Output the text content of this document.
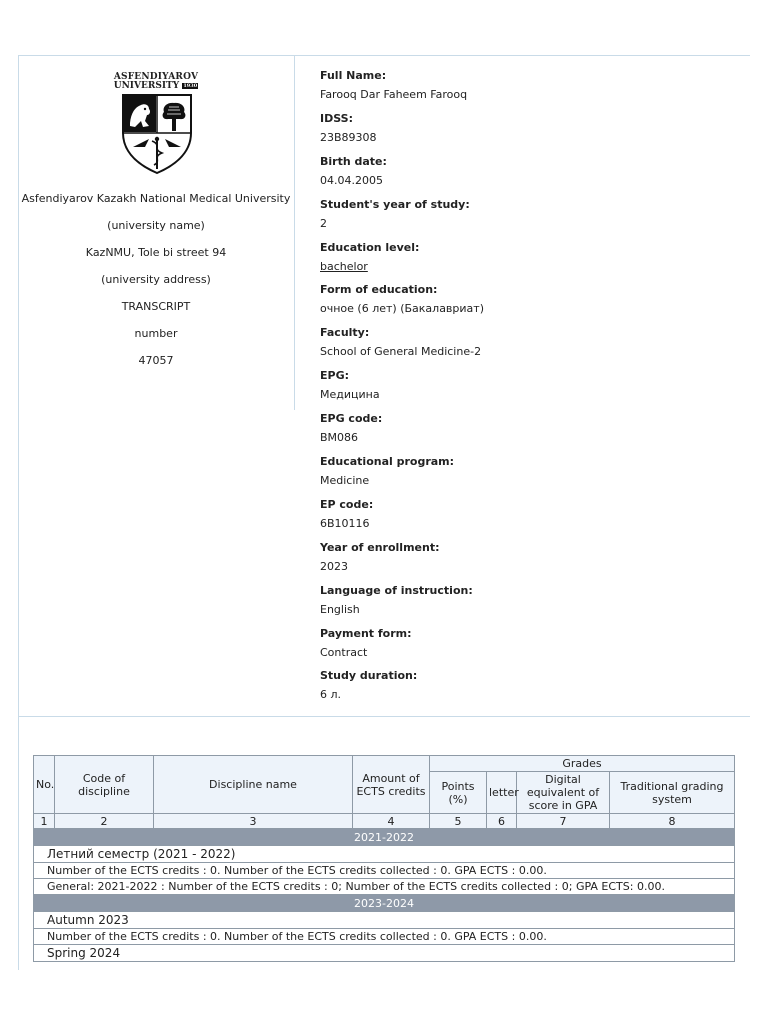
ASFENDIYAROV
UNIVERSITY 1930

Asfendiyarov Kazakh National Medical University

(university name)

KazNMU, Tole bi street 94

(university address)

TRANSCRIPT

number

47057

Full Name:
Farooq Dar Faheem Farooq
IDSS:
23B89308
Birth date:
04.04.2005
Student's year of study:
2
Education level:
bachelor
Form of education:
очное (6 лет) (Бакалавриат)
Faculty:
School of General Medicine-2
EPG:
Медицина
EPG code:
BM086
Educational program:
Medicine
EP code:
6B10116
Year of enrollment:
2023
Language of instruction:
English
Payment form:
Contract
Study duration:
6 л.
No.	Code of discipline	Discipline name	Amount of ECTS credits	Grades			
				Points (%)	letter	Digital equivalent of score in GPA	Traditional grading system
1	2	3	4	5	6	7	8
2021-2022							
Летний семестр (2021 - 2022)							
Number of the ECTS credits : 0. Number of the ECTS credits collected : 0. GPA ECTS : 0.00.							
General: 2021-2022 : Number of the ECTS credits : 0; Number of the ECTS credits collected : 0; GPA ECTS: 0.00.							
2023-2024							
Autumn 2023							
Number of the ECTS credits : 0. Number of the ECTS credits collected : 0. GPA ECTS : 0.00.							
Spring 2024							
